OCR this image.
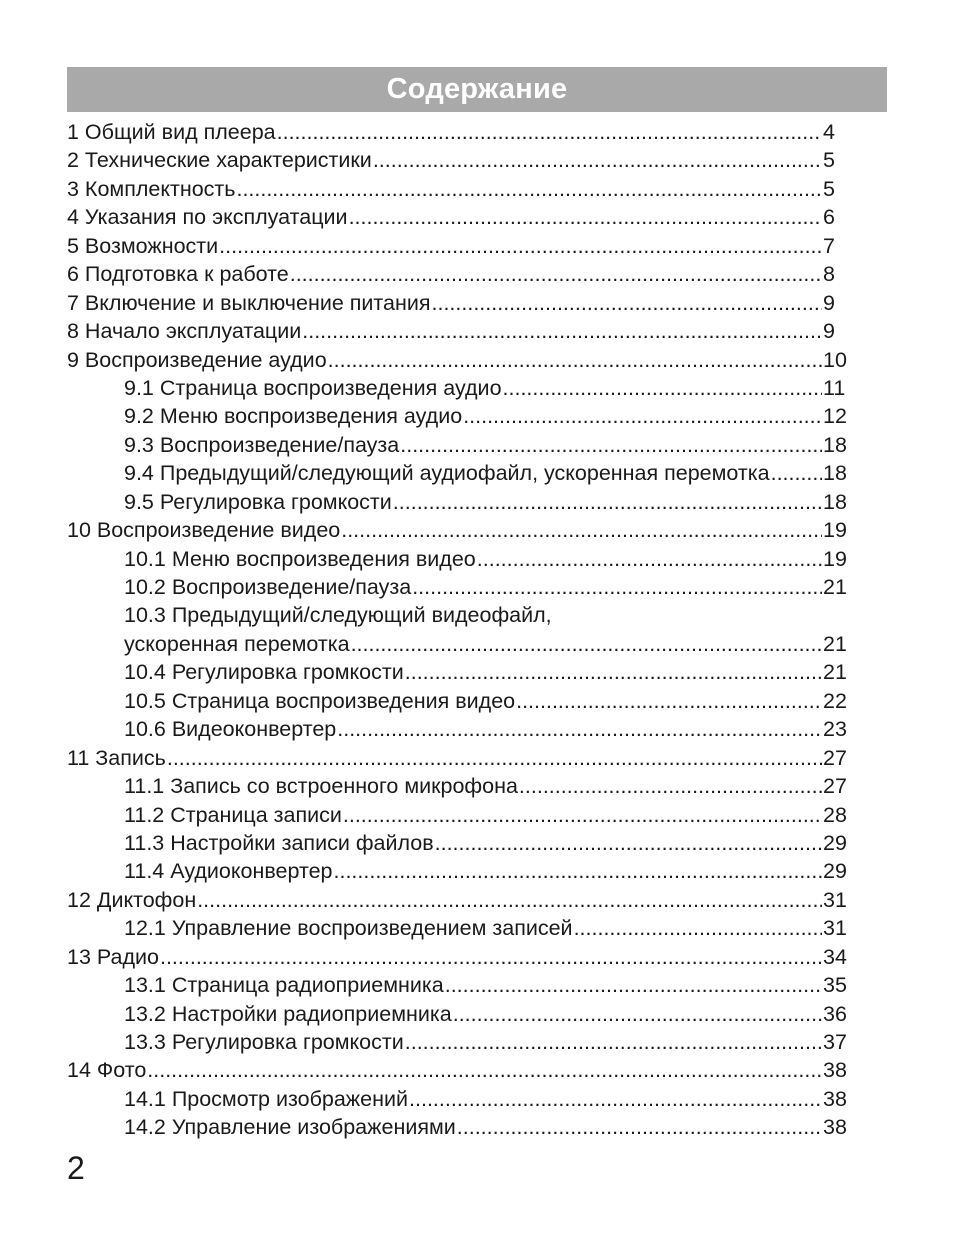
Содержание
1 Общий вид плеера .....	4
2 Технические характеристики .....	5
3 Комплектность .....	5
4 Указания по эксплуатации .....	6
5 Возможности .....	7
6 Подготовка к работе .....	8
7 Включение и выключение питания .....	9
8 Начало эксплуатации .....	9
9 Воспроизведение аудио .....	10
9.1 Страница воспроизведения аудио .....	11
9.2 Меню воспроизведения аудио .....	12
9.3 Воспроизведение/пауза .....	18
9.4 Предыдущий/следующий аудиофайл, ускоренная перемотка ..... 18
9.5 Регулировка громкости .....	18
10 Воспроизведение видео .....	19
10.1 Меню воспроизведения видео .....	19
10.2 Воспроизведение/пауза .....	21
10.3 Предыдущий/следующий видеофайл,
ускоренная перемотка .....	21
10.4 Регулировка громкости .....	21
10.5 Страница воспроизведения видео .....	22
10.6 Видеоконвертер .....	23
11 Запись .....	27
11.1 Запись со встроенного микрофона .....	27
11.2 Страница записи .....	28
11.3 Настройки записи файлов .....	29
11.4 Аудиоконвертер .....	29
12 Диктофон .....	31
12.1 Управление воспроизведением записей .....	31
13 Радио .....	34
13.1 Страница радиоприемника .....	35
13.2 Настройки радиоприемника .....	36
13.3 Регулировка громкости .....	37
14 Фото .....	38
14.1 Просмотр изображений .....	38
14.2 Управление изображениями .....	38
2
